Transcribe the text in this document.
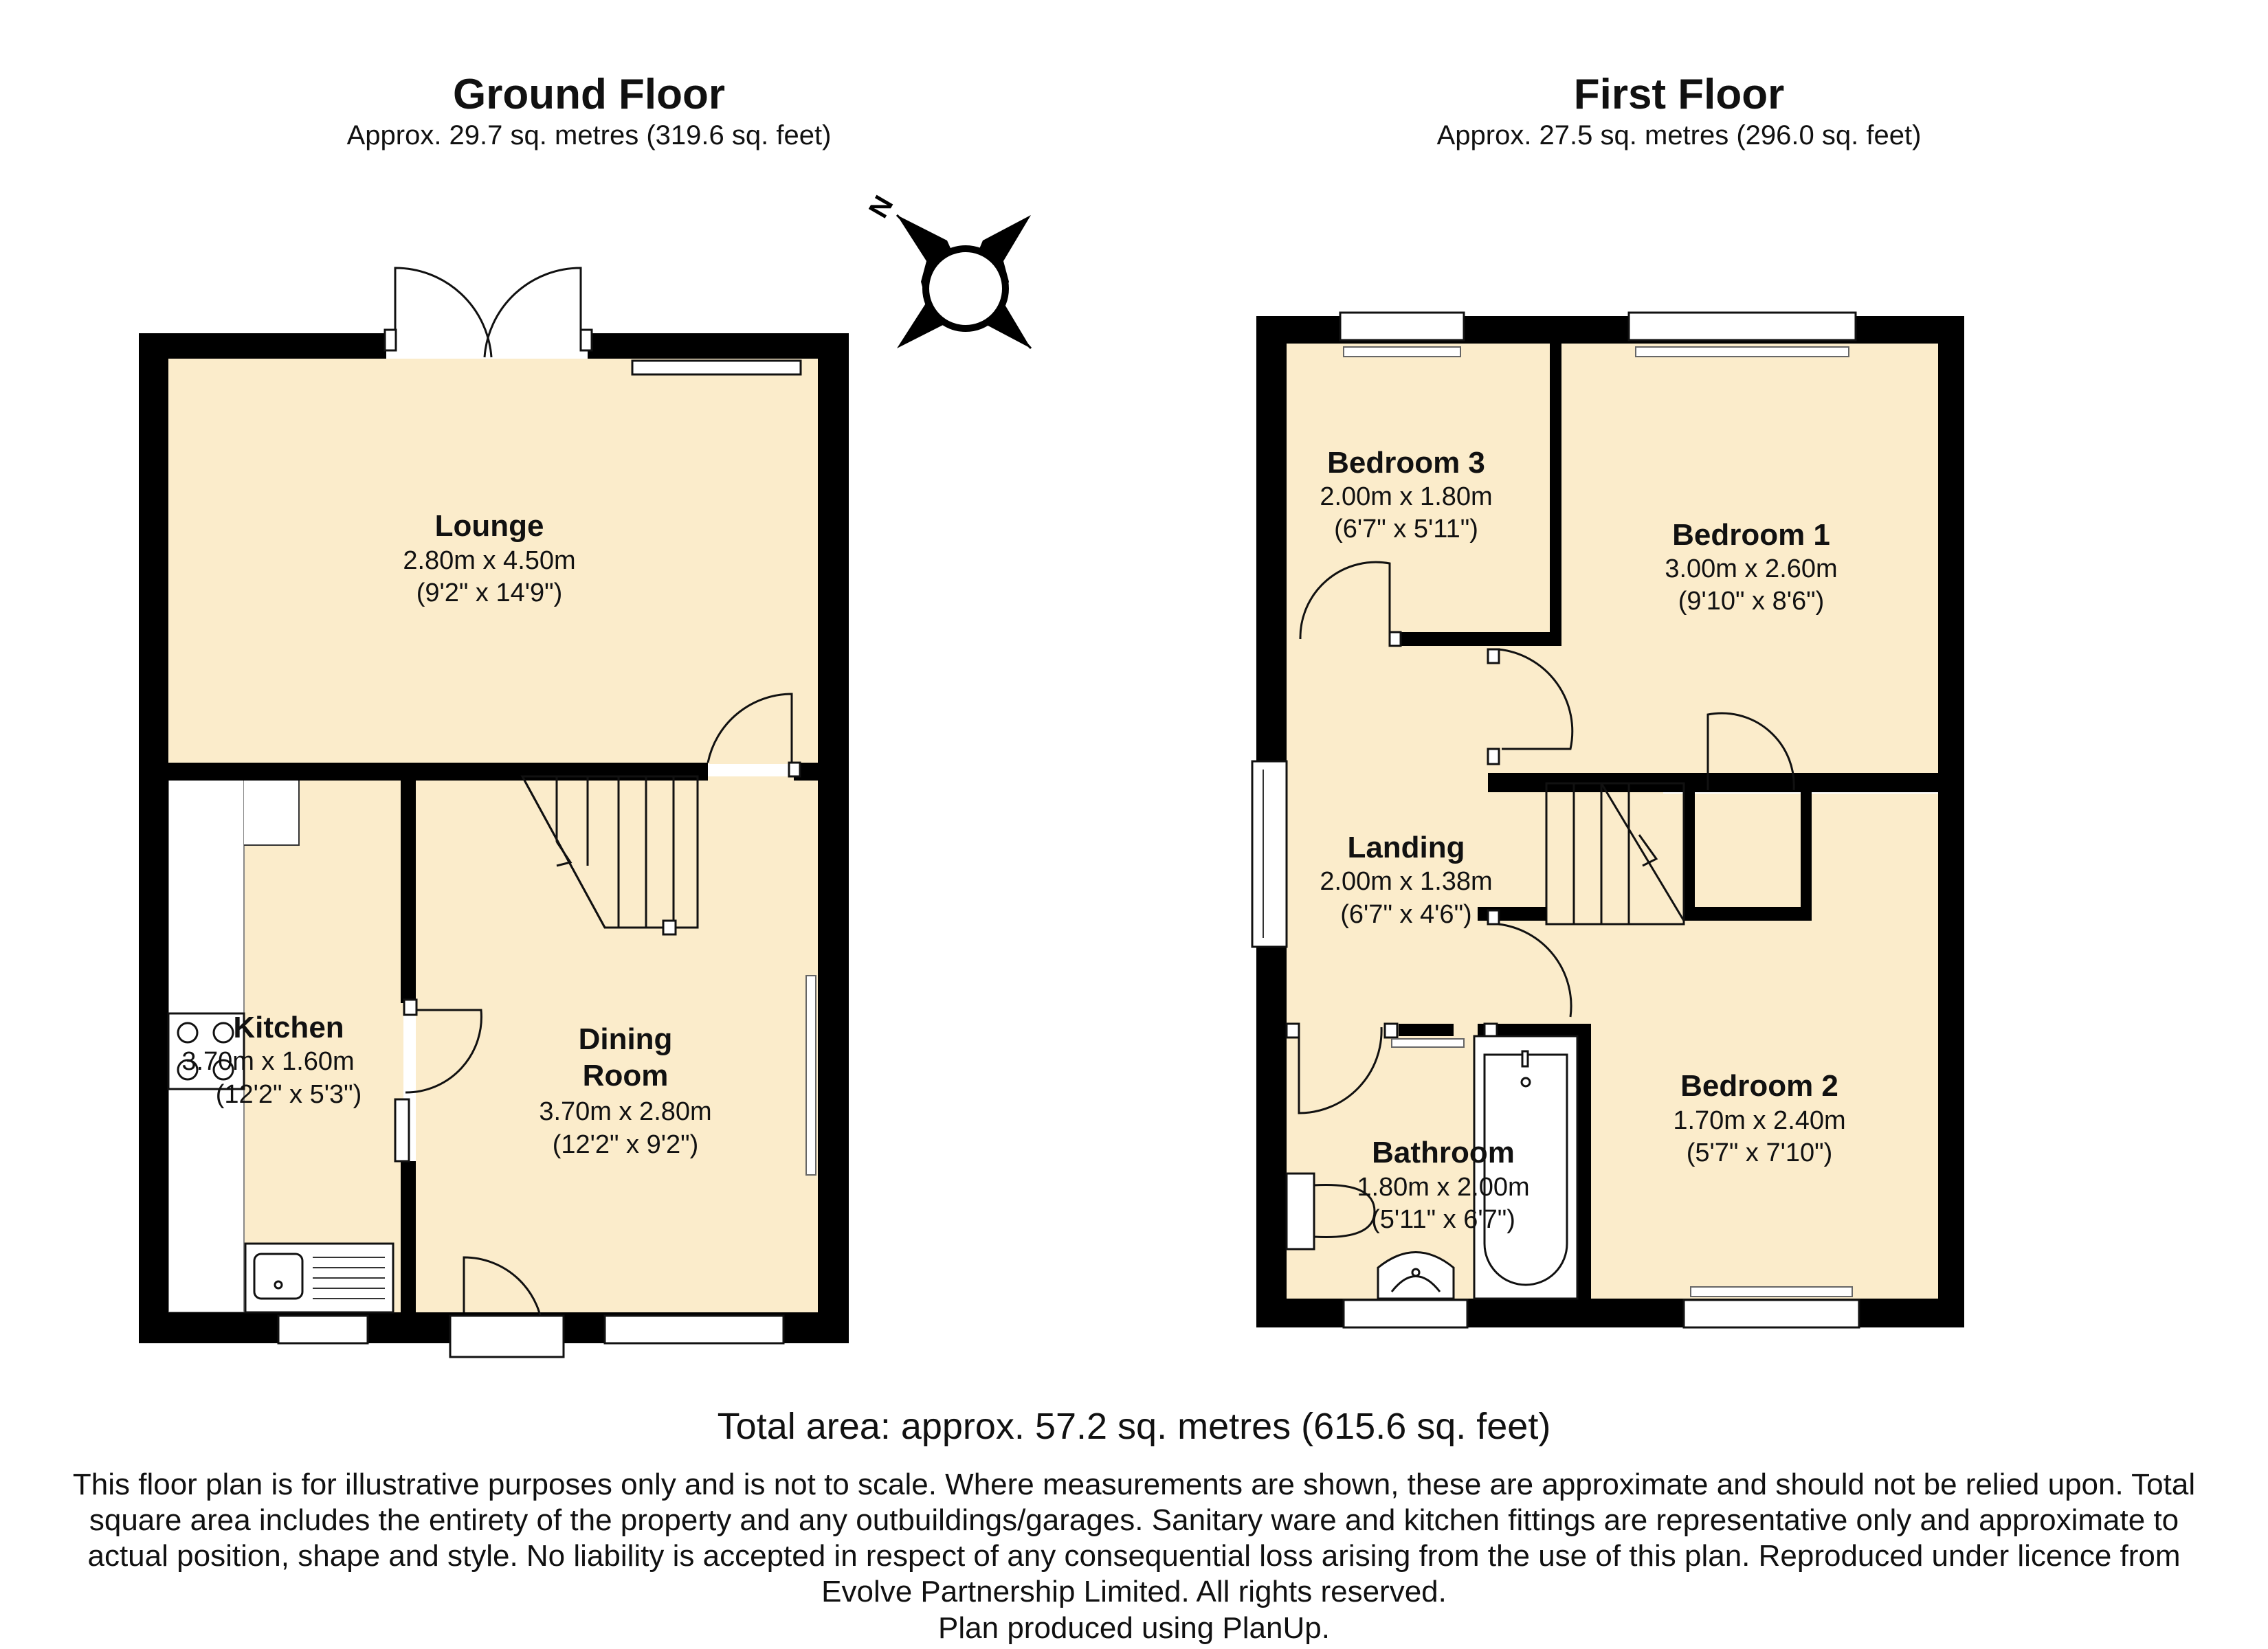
Ground Floor
Approx. 29.7 sq. metres (319.6 sq. feet)
First Floor
Approx. 27.5 sq. metres (296.0 sq. feet)
N
Lounge
2.80m x 4.50m
(9'2" x 14'9")
Kitchen
3.70m x 1.60m
(12'2" x 5'3")
Dining
Room
3.70m x 2.80m
(12'2" x 9'2")
Bedroom 3
2.00m x 1.80m
(6'7" x 5'11")	Bedroom 1
3.00m x 2.60m
(9'10" x 8'6")
Landing
2.00m x 1.38m
(6'7" x 4'6")
Bedroom 2
1.70m x 2.40m
(5'7" x 7'10")
Bathroom
1.80m x 2.00m
(5'11" x 6'7")
Total area: approx. 57.2 sq. metres (615.6 sq. feet)
This floor plan is for illustrative purposes only and is not to scale. Where measurements are shown, these are approximate and should not be relied upon. Total
square area includes the entirety of the property and any outbuildings/garages. Sanitary ware and kitchen fittings are representative only and approximate to
actual position, shape and style. No liability is accepted in respect of any consequential loss arising from the use of this plan. Reproduced under licence from
Evolve Partnership Limited. All rights reserved.
Plan produced using PlanUp.
